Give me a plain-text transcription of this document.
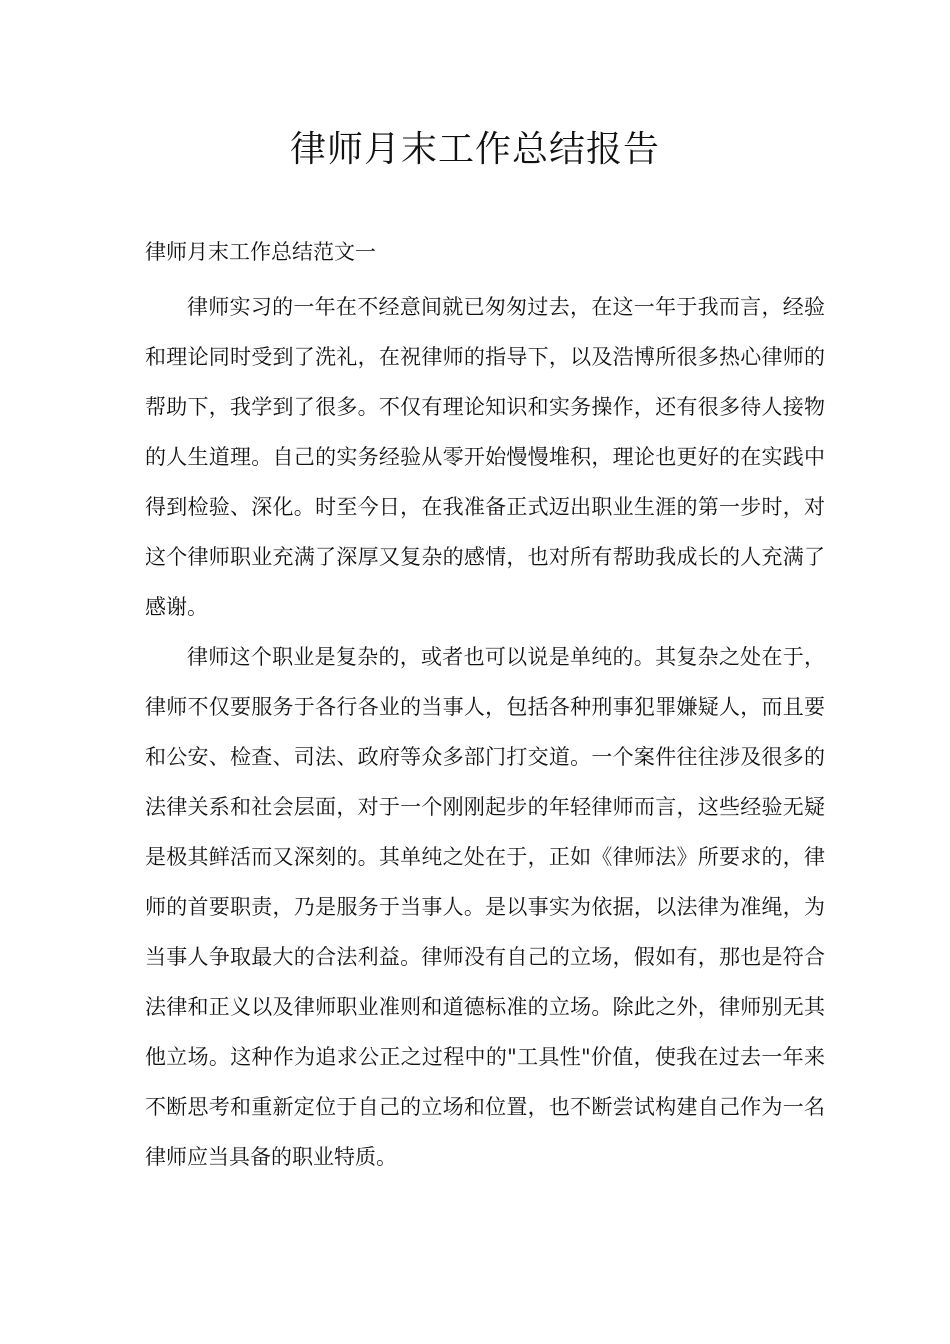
律师月末工作总结报告

律师月末工作总结范文一

律师实习的一年在不经意间就已匆匆过去，在这一年于我而言，经验和理论同时受到了洗礼，在祝律师的指导下，以及浩博所很多热心律师的帮助下，我学到了很多。不仅有理论知识和实务操作，还有很多待人接物的人生道理。自己的实务经验从零开始慢慢堆积，理论也更好的在实践中得到检验、深化。时至今日，在我准备正式迈出职业生涯的第一步时，对这个律师职业充满了深厚又复杂的感情，也对所有帮助我成长的人充满了感谢。

律师这个职业是复杂的，或者也可以说是单纯的。其复杂之处在于，律师不仅要服务于各行各业的当事人，包括各种刑事犯罪嫌疑人，而且要和公安、检查、司法、政府等众多部门打交道。一个案件往往涉及很多的法律关系和社会层面，对于一个刚刚起步的年轻律师而言，这些经验无疑是极其鲜活而又深刻的。其单纯之处在于，正如《律师法》所要求的，律师的首要职责，乃是服务于当事人。是以事实为依据，以法律为准绳，为当事人争取最大的合法利益。律师没有自己的立场，假如有，那也是符合法律和正义以及律师职业准则和道德标准的立场。除此之外，律师别无其他立场。这种作为追求公正之过程中的"工具性"价值，使我在过去一年来不断思考和重新定位于自己的立场和位置，也不断尝试构建自己作为一名律师应当具备的职业特质。
